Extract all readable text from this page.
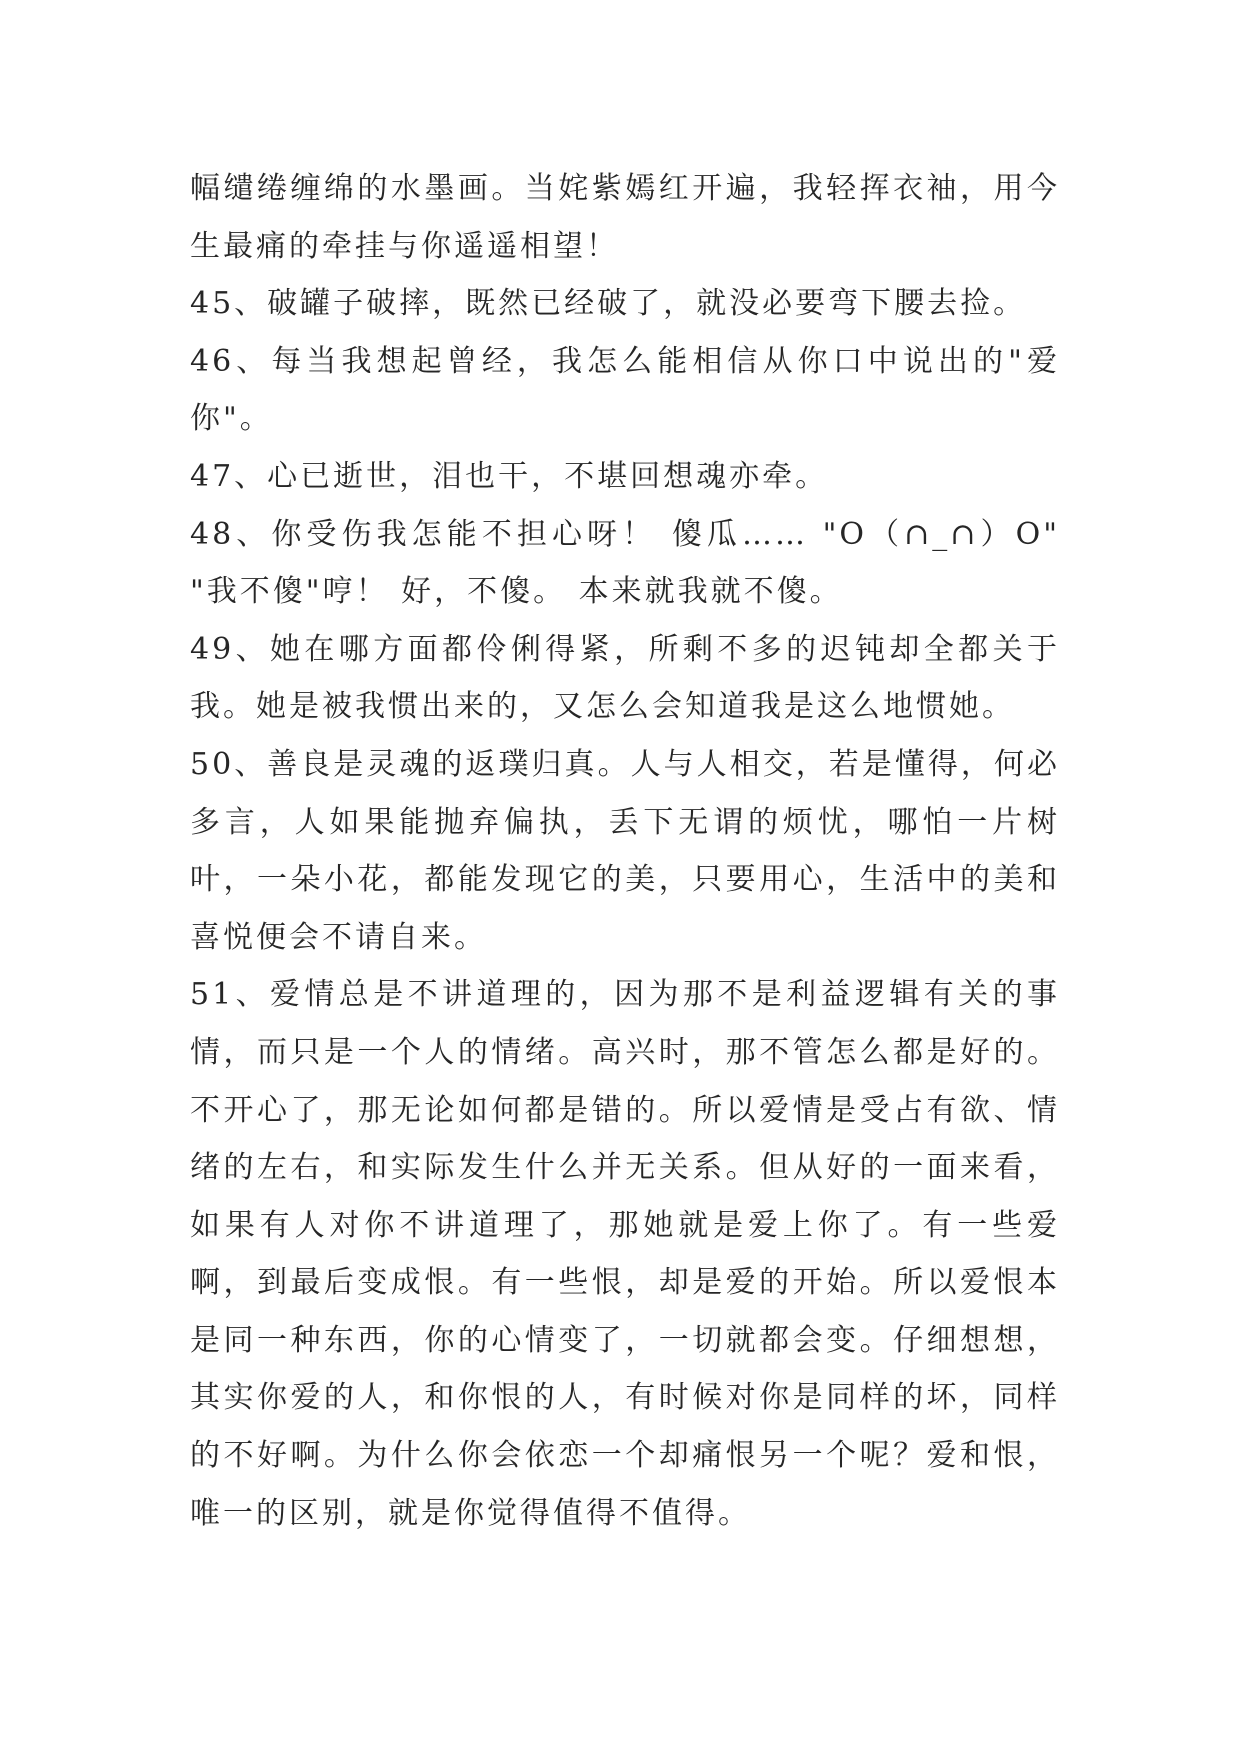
幅缱绻缠绵的水墨画。当姹紫嫣红开遍，我轻挥衣袖，用今生最痛的牵挂与你遥遥相望！

45、破罐子破摔，既然已经破了，就没必要弯下腰去捡。

46、每当我想起曾经，我怎么能相信从你口中说出的"爱你"。

47、心已逝世，泪也干，不堪回想魂亦牵。

48、你受伤我怎能不担心呀！ 傻瓜…… "O（∩_∩）O" "我不傻"哼！ 好，不傻。 本来就我就不傻。

49、她在哪方面都伶俐得紧，所剩不多的迟钝却全都关于我。她是被我惯出来的，又怎么会知道我是这么地惯她。

50、善良是灵魂的返璞归真。人与人相交，若是懂得，何必多言，人如果能抛弃偏执，丢下无谓的烦忧，哪怕一片树叶，一朵小花，都能发现它的美，只要用心，生活中的美和喜悦便会不请自来。

51、爱情总是不讲道理的，因为那不是利益逻辑有关的事情，而只是一个人的情绪。高兴时，那不管怎么都是好的。不开心了，那无论如何都是错的。所以爱情是受占有欲、情绪的左右，和实际发生什么并无关系。但从好的一面来看，如果有人对你不讲道理了，那她就是爱上你了。有一些爱啊，到最后变成恨。有一些恨，却是爱的开始。所以爱恨本是同一种东西，你的心情变了，一切就都会变。仔细想想，其实你爱的人，和你恨的人，有时候对你是同样的坏，同样的不好啊。为什么你会依恋一个却痛恨另一个呢？爱和恨，唯一的区别，就是你觉得值得不值得。
